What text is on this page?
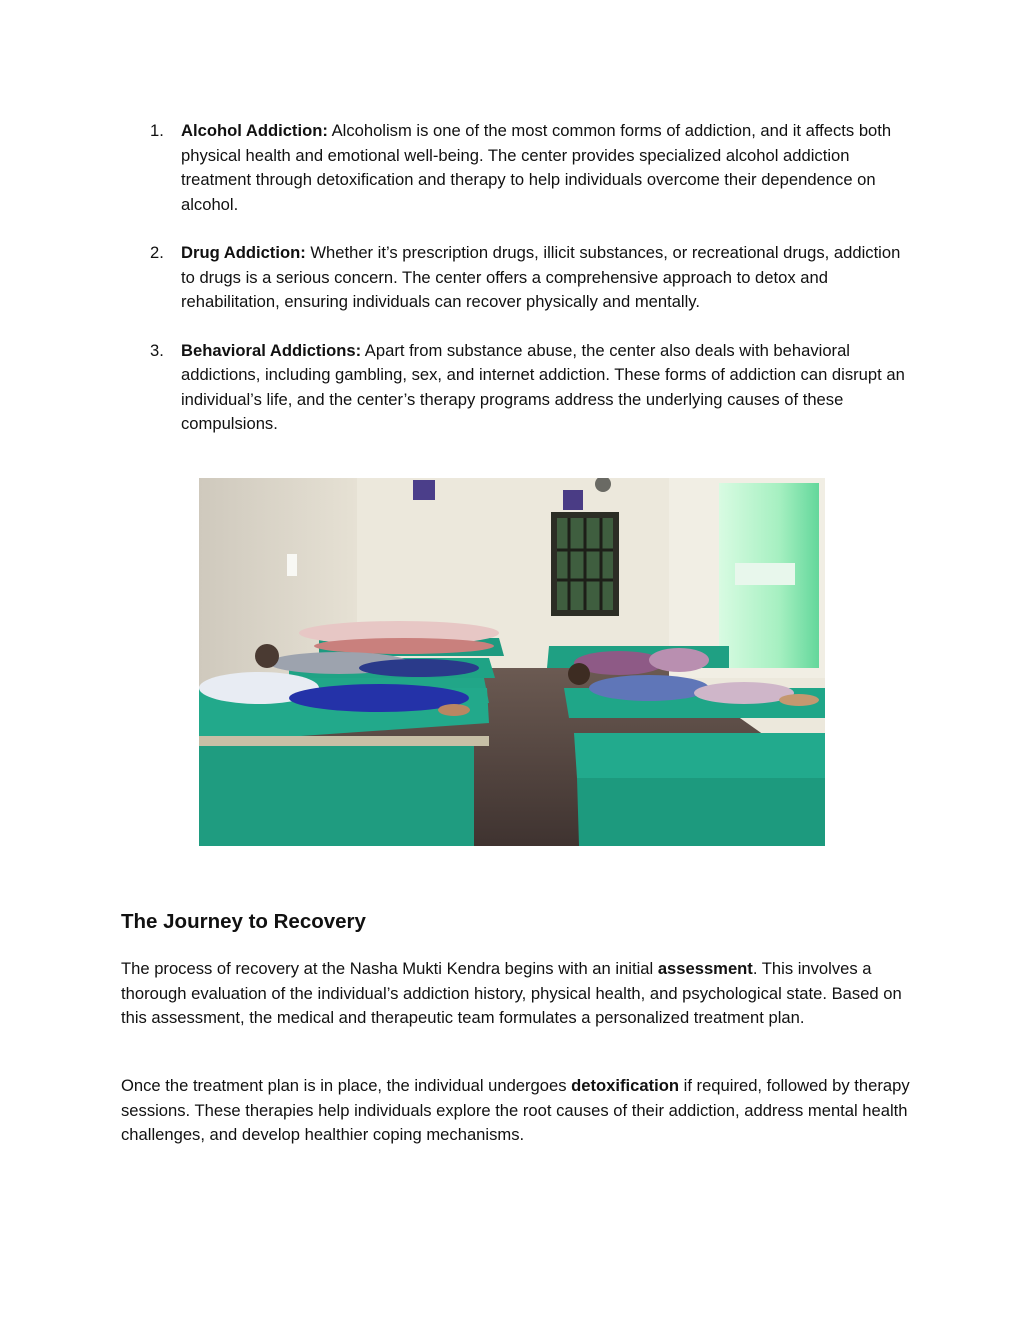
1. Alcohol Addiction: Alcoholism is one of the most common forms of addiction, and it affects both physical health and emotional well-being. The center provides specialized alcohol addiction treatment through detoxification and therapy to help individuals overcome their dependence on alcohol.
2. Drug Addiction: Whether it’s prescription drugs, illicit substances, or recreational drugs, addiction to drugs is a serious concern. The center offers a comprehensive approach to detox and rehabilitation, ensuring individuals can recover physically and mentally.
3. Behavioral Addictions: Apart from substance abuse, the center also deals with behavioral addictions, including gambling, sex, and internet addiction. These forms of addiction can disrupt an individual’s life, and the center’s therapy programs address the underlying causes of these compulsions.
The Journey to Recovery

The process of recovery at the Nasha Mukti Kendra begins with an initial assessment. This involves a thorough evaluation of the individual’s addiction history, physical health, and psychological state. Based on this assessment, the medical and therapeutic team formulates a personalized treatment plan.

Once the treatment plan is in place, the individual undergoes detoxification if required, followed by therapy sessions. These therapies help individuals explore the root causes of their addiction, address mental health challenges, and develop healthier coping mechanisms.
